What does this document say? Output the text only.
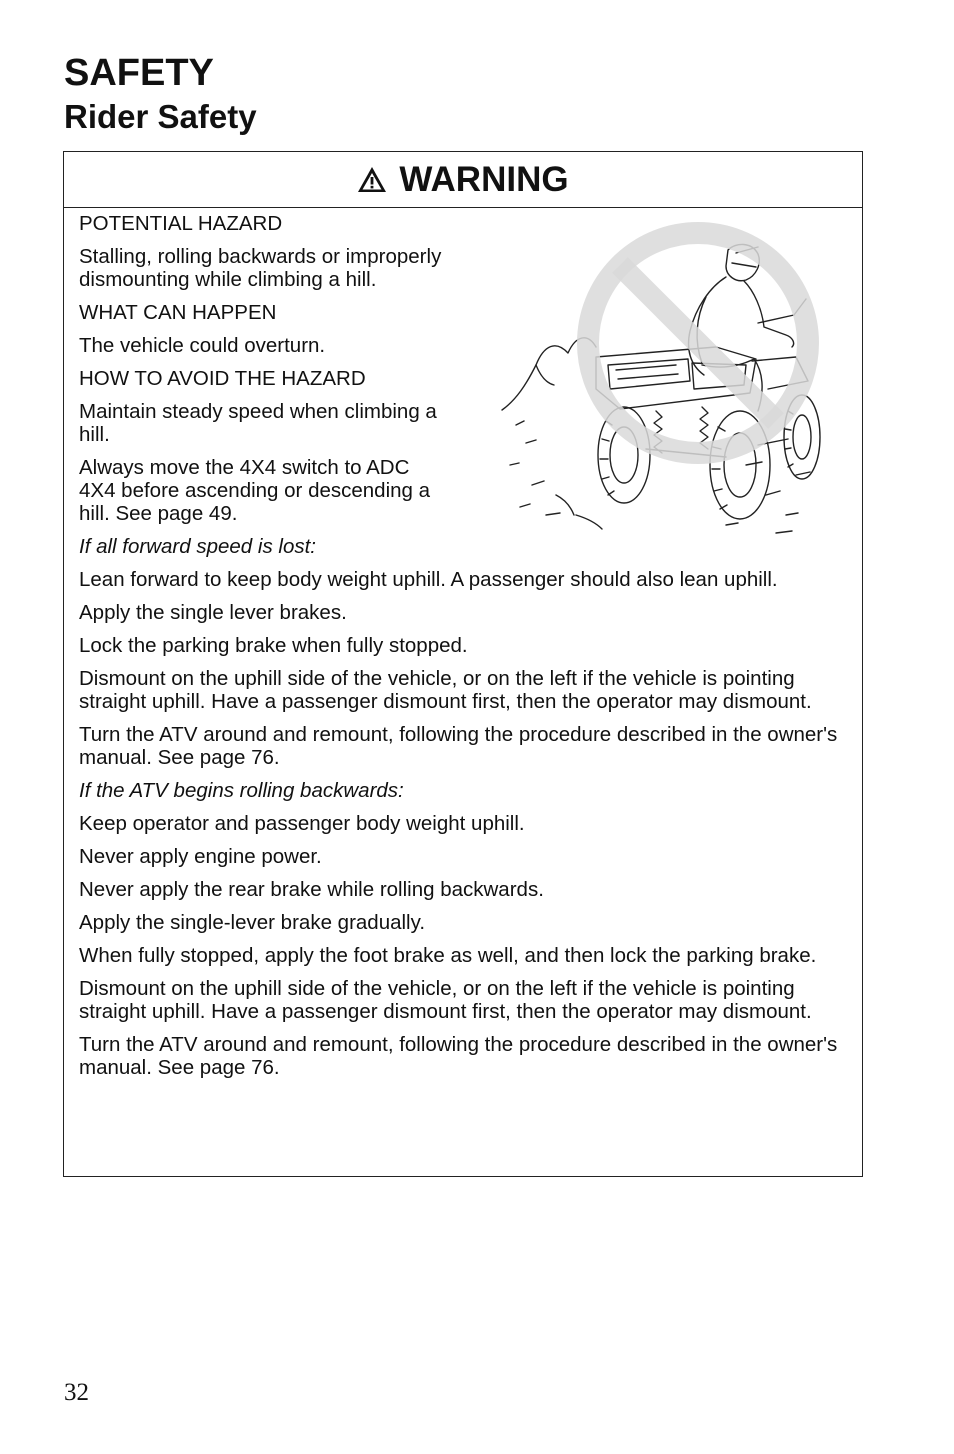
SAFETY
Rider Safety
WARNING

POTENTIAL HAZARD

Stalling, rolling backwards or improperly dismounting while climbing a hill.

WHAT CAN HAPPEN

The vehicle could overturn.

HOW TO AVOID THE HAZARD

Maintain steady speed when climbing a hill.

Always move the 4X4 switch to ADC 4X4 before ascending or descending a hill. See page 49.

If all forward speed is lost:

Lean forward to keep body weight uphill. A passenger should also lean uphill.

Apply the single lever brakes.

Lock the parking brake when fully stopped.

Dismount on the uphill side of the vehicle, or on the left if the vehicle is pointing straight uphill. Have a passenger dismount first, then the operator may dismount.

Turn the ATV around and remount, following the procedure described in the owner's manual. See page 76.

If the ATV begins rolling backwards:

Keep operator and passenger body weight uphill.

Never apply engine power.

Never apply the rear brake while rolling backwards.

Apply the single-lever brake gradually.

When fully stopped, apply the foot brake as well, and then lock the parking brake.

Dismount on the uphill side of the vehicle, or on the left if the vehicle is pointing straight uphill. Have a passenger dismount first, then the operator may dismount.

Turn the ATV around and remount, following the procedure described in the owner's manual. See page 76.

32
